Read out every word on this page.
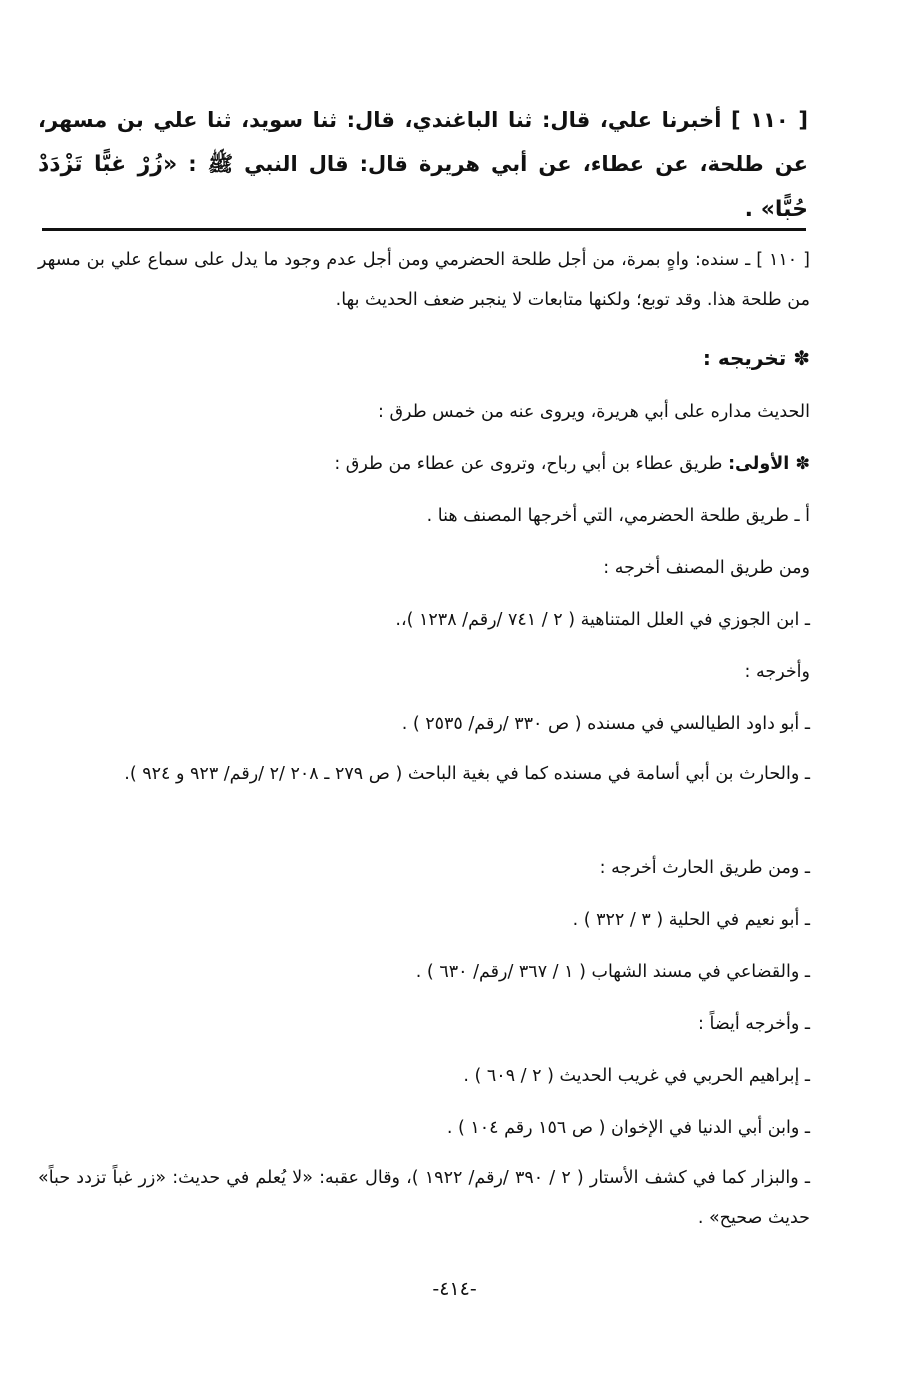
[ ١١٠ ] أخبرنا علي، قال: ثنا الباغندي، قال: ثنا سويد، ثنا علي بن مسهر، عن طلحة، عن عطاء، عن أبي هريرة قال: قال النبي ﷺ : «زُرْ غبًّا تَزْدَدْ حُبًّا» .
[ ١١٠ ] ـ سنده: واهٍ بمرة، من أجل طلحة الحضرمي ومن أجل عدم وجود ما يدل على سماع علي بن مسهر من طلحة هذا. وقد توبع؛ ولكنها متابعات لا ينجبر ضعف الحديث بها.
✽ تخريجه :
الحديث مداره على أبي هريرة، ويروى عنه من خمس طرق :
✽ الأولى: طريق عطاء بن أبي رباح، وتروى عن عطاء من طرق :
أ ـ طريق طلحة الحضرمي، التي أخرجها المصنف هنا .
ومن طريق المصنف أخرجه :
ـ ابن الجوزي في العلل المتناهية ( ٢ / ٧٤١ /رقم/ ١٢٣٨ )،.
وأخرجه :
ـ أبو داود الطيالسي في مسنده ( ص ٣٣٠ /رقم/ ٢٥٣٥ ) .
ـ والحارث بن أبي أسامة في مسنده كما في بغية الباحث ( ص ٢٧٩ ـ ٢٠٨ /٢ /رقم/ ٩٢٣ و ٩٢٤ ).
ـ ومن طريق الحارث أخرجه :
ـ أبو نعيم في الحلية ( ٣ / ٣٢٢ ) .
ـ والقضاعي في مسند الشهاب ( ١ / ٣٦٧ /رقم/ ٦٣٠ ) .
ـ وأخرجه أيضاً :
ـ إبراهيم الحربي في غريب الحديث ( ٢ / ٦٠٩ ) .
ـ وابن أبي الدنيا في الإخوان ( ص ١٥٦ رقم ١٠٤ ) .
ـ والبزار كما في كشف الأستار ( ٢ / ٣٩٠ /رقم/ ١٩٢٢ )، وقال عقبه: «لا يُعلم في حديث: «زر غباً تزدد حباً» حديث صحيح» .
-٤١٤-
